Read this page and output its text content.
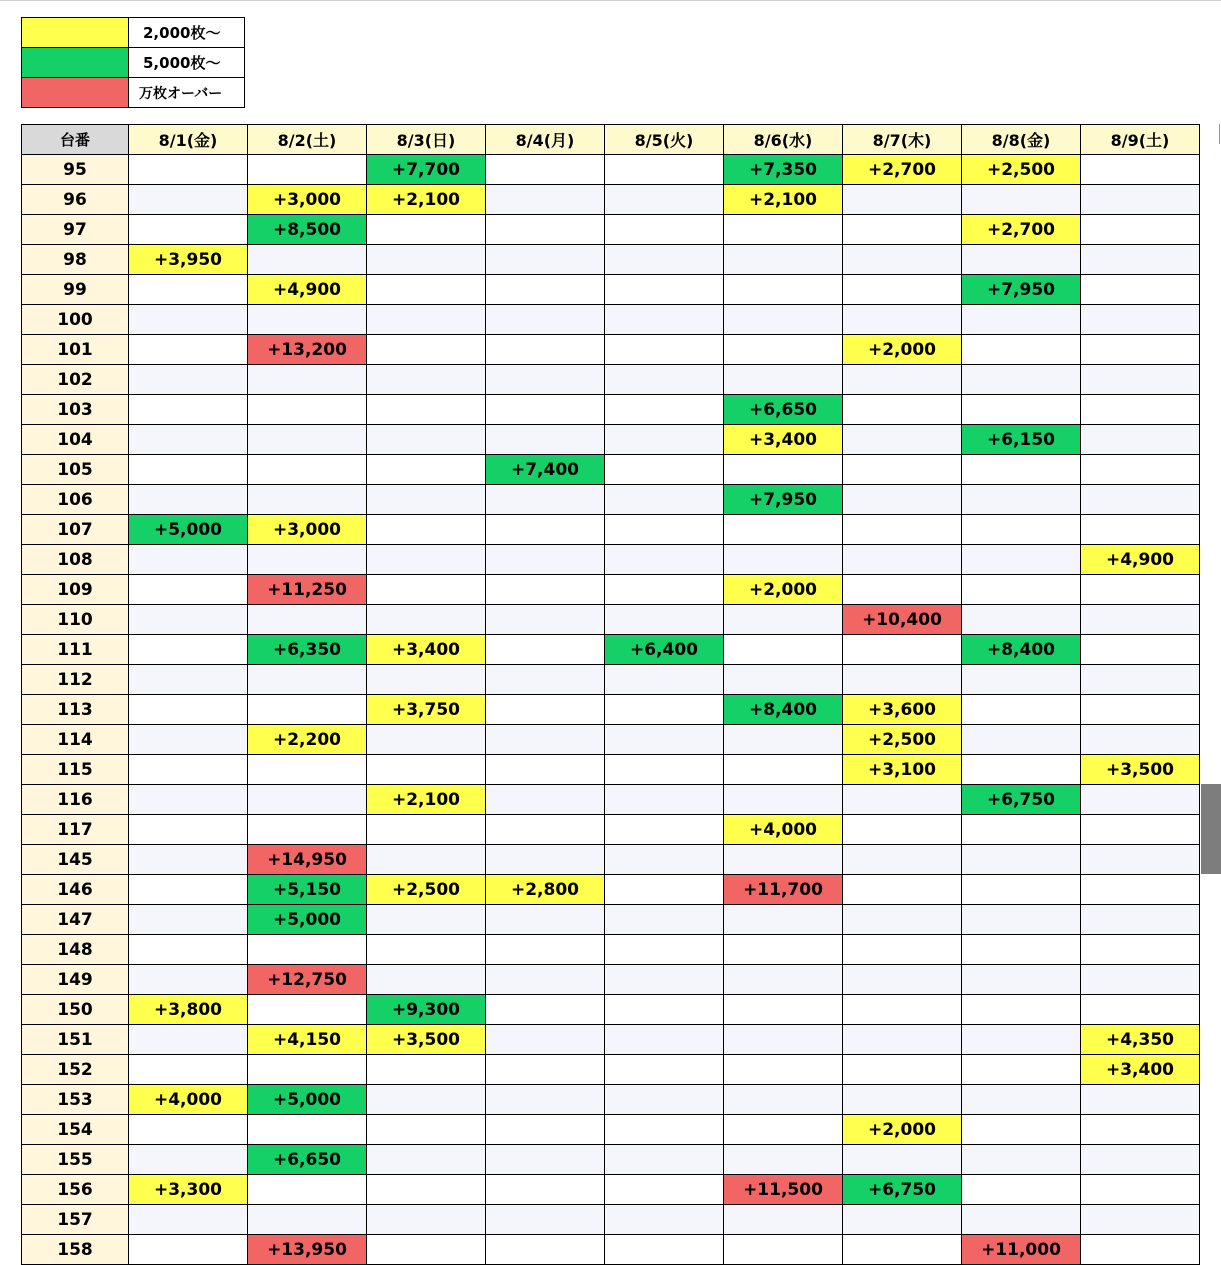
	2,000枚～
	5,000枚～
	万枚オーバー
台番	8/1(金)	8/2(土)	8/3(日)	8/4(月)	8/5(火)	8/6(水)	8/7(木)	8/8(金)	8/9(土)
95			+7,700			+7,350	+2,700	+2,500	
96		+3,000	+2,100			+2,100			
97		+8,500						+2,700	
98	+3,950								
99		+4,900						+7,950	
100									
101		+13,200					+2,000		
102									
103						+6,650			
104						+3,400		+6,150	
105				+7,400					
106						+7,950			
107	+5,000	+3,000							
108									+4,900
109		+11,250				+2,000			
110							+10,400		
111		+6,350	+3,400		+6,400			+8,400	
112									
113			+3,750			+8,400	+3,600		
114		+2,200					+2,500		
115							+3,100		+3,500
116			+2,100					+6,750	
117						+4,000			
145		+14,950							
146		+5,150	+2,500	+2,800		+11,700			
147		+5,000							
148									
149		+12,750							
150	+3,800		+9,300						
151		+4,150	+3,500						+4,350
152									+3,400
153	+4,000	+5,000							
154							+2,000		
155		+6,650							
156	+3,300					+11,500	+6,750		
157									
158		+13,950						+11,000	
